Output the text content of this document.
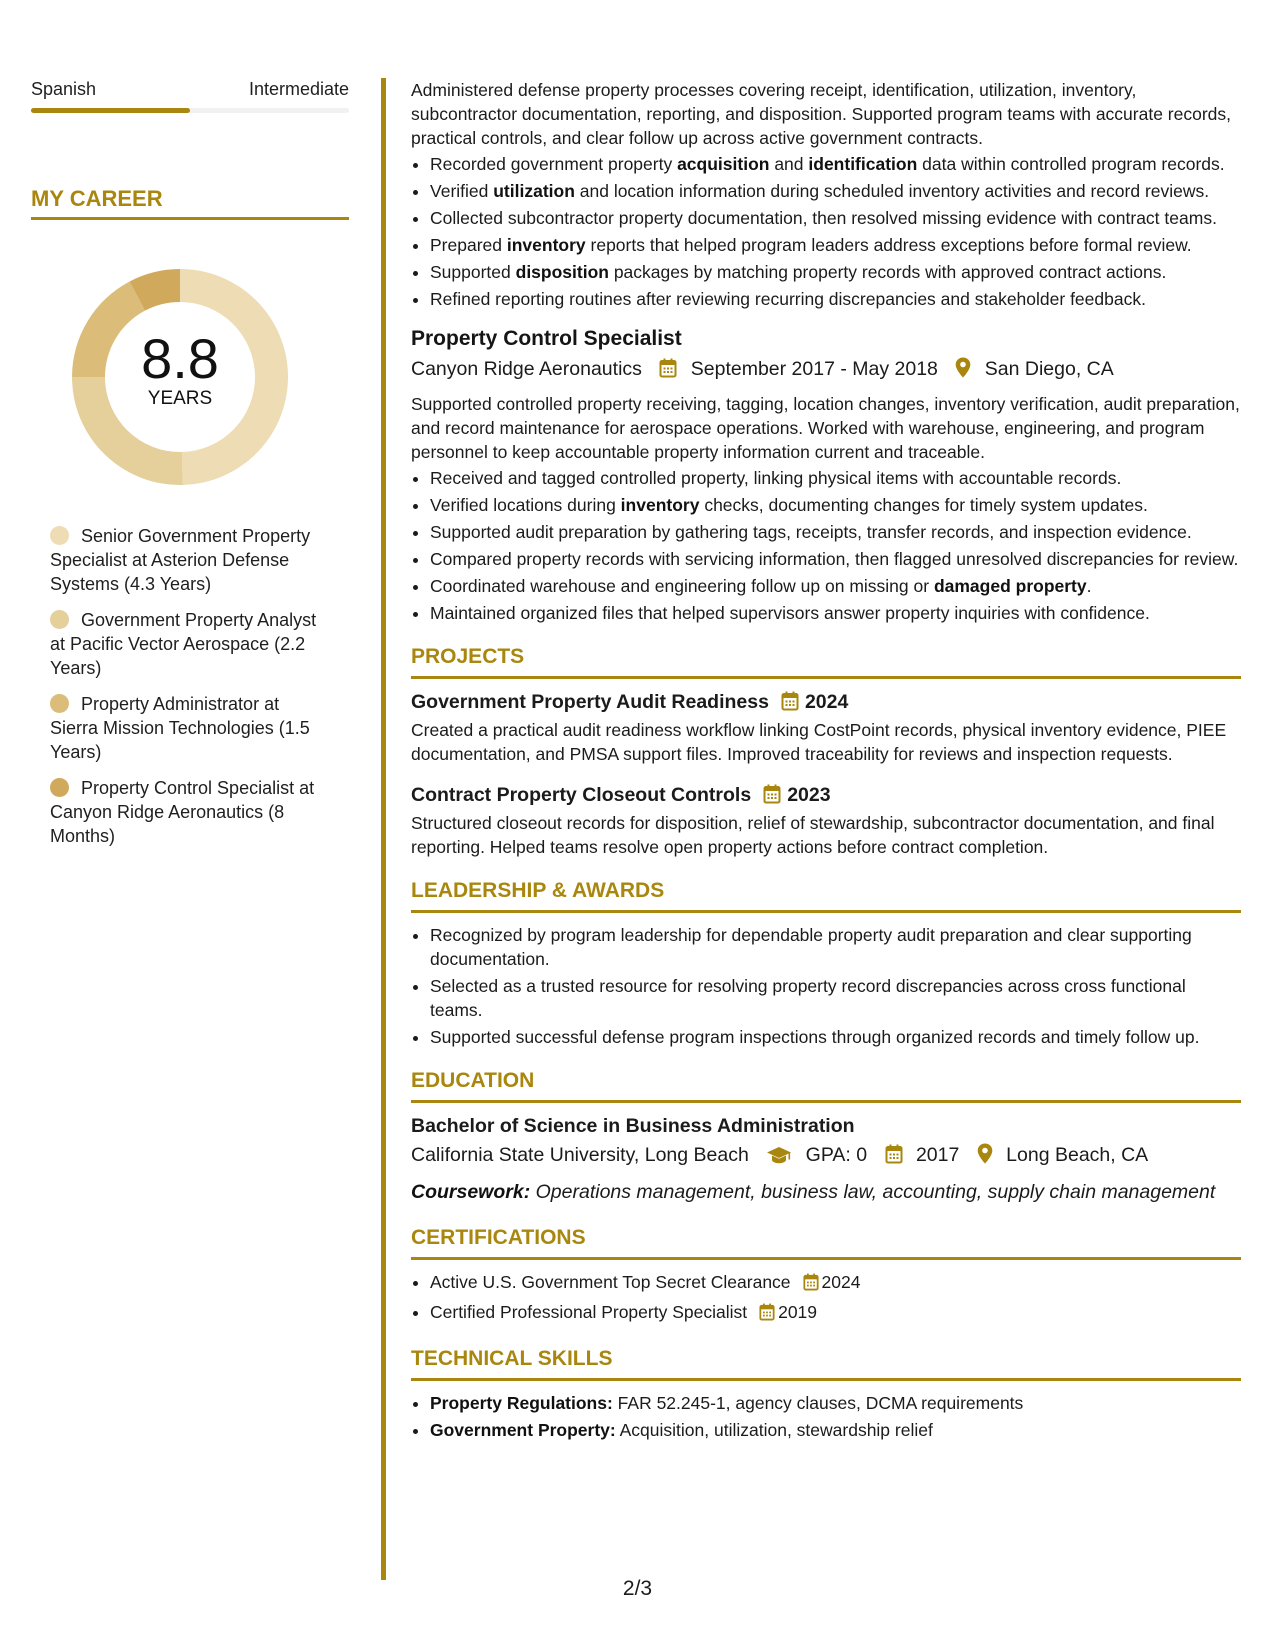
Spanish	Intermediate
MY CAREER
8.8
YEARS
Senior Government Property Specialist at Asterion Defense Systems (4.3 Years)
Government Property Analyst at Pacific Vector Aerospace (2.2 Years)
Property Administrator at Sierra Mission Technologies (1.5 Years)
Property Control Specialist at Canyon Ridge Aeronautics (8 Months)

Administered defense property processes covering receipt, identification, utilization, inventory, subcontractor documentation, reporting, and disposition. Supported program teams with accurate records, practical controls, and clear follow up across active government contracts.

• Recorded government property acquisition and identification data within controlled program records.
• Verified utilization and location information during scheduled inventory activities and record reviews.
• Collected subcontractor property documentation, then resolved missing evidence with contract teams.
• Prepared inventory reports that helped program leaders address exceptions before formal review.
• Supported disposition packages by matching property records with approved contract actions.
• Refined reporting routines after reviewing recurring discrepancies and stakeholder feedback.
Property Control Specialist
Canyon Ridge Aeronautics	September 2017 - May 2018 San Diego, CA

Supported controlled property receiving, tagging, location changes, inventory verification, audit preparation, and record maintenance for aerospace operations. Worked with warehouse, engineering, and program personnel to keep accountable property information current and traceable.

• Received and tagged controlled property, linking physical items with accountable records.
• Verified locations during inventory checks, documenting changes for timely system updates.
• Supported audit preparation by gathering tags, receipts, transfer records, and inspection evidence.
• Compared property records with servicing information, then flagged unresolved discrepancies for review.
• Coordinated warehouse and engineering follow up on missing or damaged property.
• Maintained organized files that helped supervisors answer property inquiries with confidence.
PROJECTS
Government Property Audit Readiness 2024

Created a practical audit readiness workflow linking CostPoint records, physical inventory evidence, PIEE documentation, and PMSA support files. Improved traceability for reviews and inspection requests.

Contract Property Closeout Controls 2023

Structured closeout records for disposition, relief of stewardship, subcontractor documentation, and final reporting. Helped teams resolve open property actions before contract completion.

LEADERSHIP & AWARDS
• Recognized by program leadership for dependable property audit preparation and clear supporting documentation.
• Selected as a trusted resource for resolving property record discrepancies across cross functional teams.
• Supported successful defense program inspections through organized records and timely follow up.
EDUCATION
Bachelor of Science in Business Administration
California State University, Long Beach	GPA: 0	2017 Long Beach, CA
Coursework: Operations management, business law, accounting, supply chain management
CERTIFICATIONS
• Active U.S. Government Top Secret Clearance 2024
• Certified Professional Property Specialist 2019
TECHNICAL SKILLS
• Property Regulations: FAR 52.245-1, agency clauses, DCMA requirements
• Government Property: Acquisition, utilization, stewardship relief
2/3
